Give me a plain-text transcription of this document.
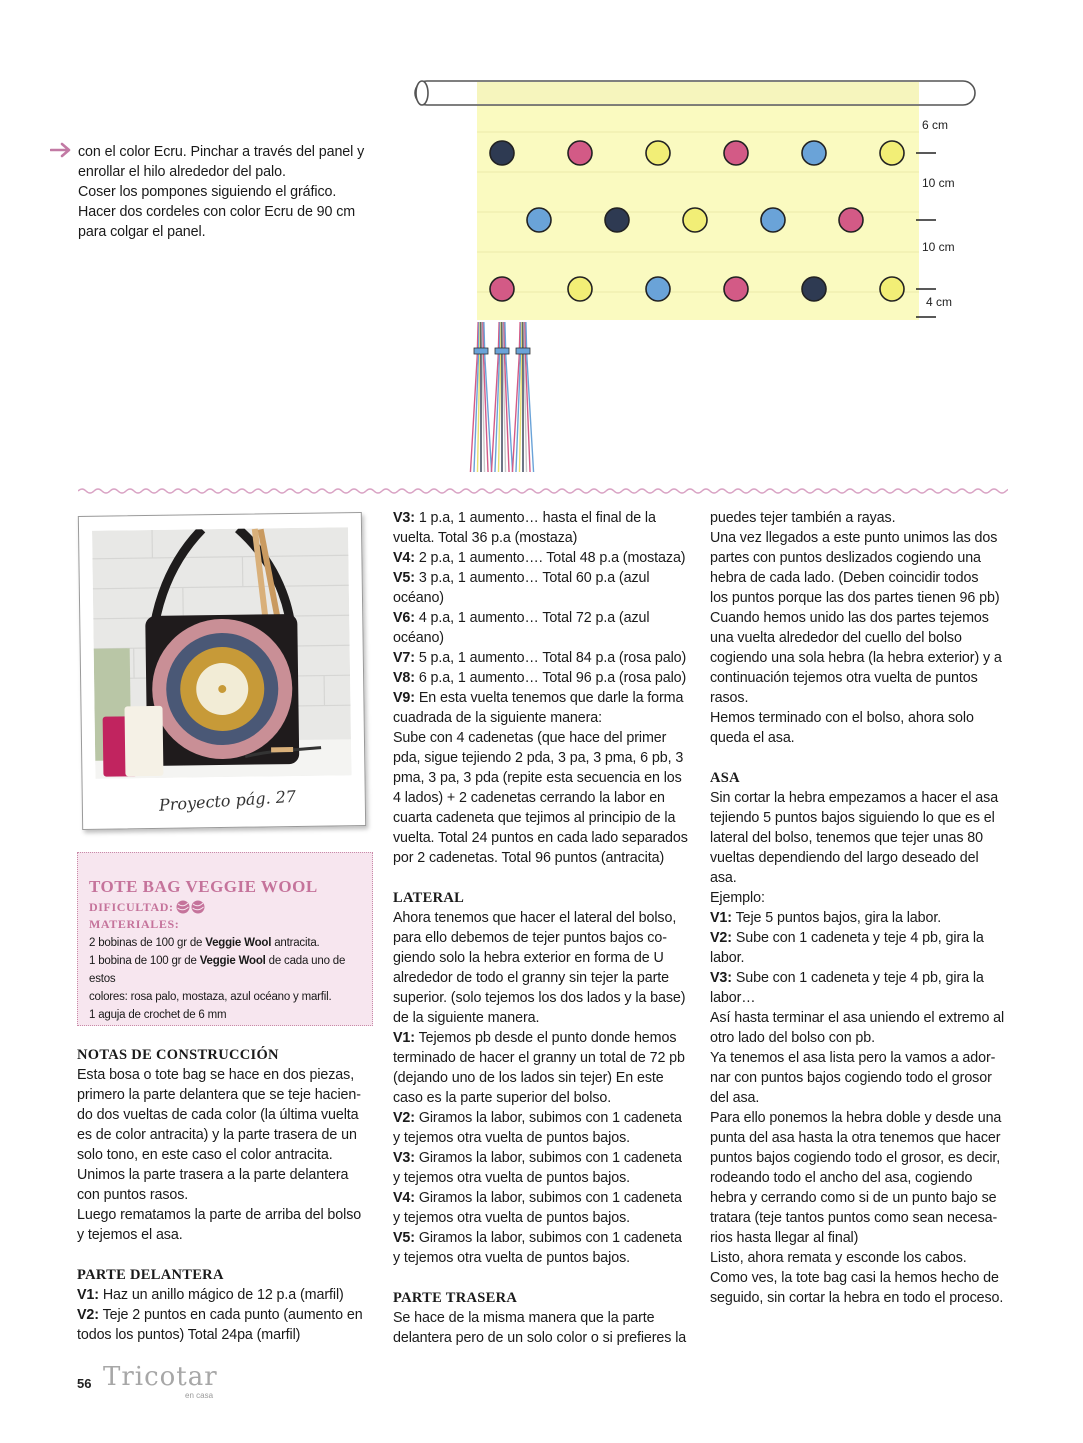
con el color Ecru. Pinchar a través del panel y
enrollar el hilo alrededor del palo.
Coser los pompones siguiendo el gráfico.
Hacer dos cordeles con color Ecru de 90 cm
para colgar el panel.
6 cm
10 cm
10 cm
4 cm
Proyecto pág. 27
TOTE BAG VEGGIE WOOL
DIFICULTAD:
MATERIALES:
2 bobinas de 100 gr de Veggie Wool antracita.
1 bobina de 100 gr de Veggie Wool de cada uno de estos
colores: rosa palo, mostaza, azul océano y marfil.
1 aguja de crochet de 6 mm
NOTAS DE CONSTRUCCIÓN
Esta bosa o tote bag se hace en dos piezas,
primero la parte delantera que se teje hacien-
do dos vueltas de cada color (la última vuelta
es de color antracita) y la parte trasera de un
solo tono, en este caso el color antracita.
Unimos la parte trasera a la parte delantera
con puntos rasos.
Luego rematamos la parte de arriba del bolso
y tejemos el asa.
PARTE DELANTERA
V1: Haz un anillo mágico de 12 p.a (marfil)
V2: Teje 2 puntos en cada punto (aumento en
todos los puntos) Total 24pa (marfil)
V3: 1 p.a, 1 aumento… hasta el final de la
vuelta. Total 36 p.a (mostaza)
V4: 2 p.a, 1 aumento…. Total 48 p.a (mostaza)
V5: 3 p.a, 1 aumento… Total 60 p.a (azul
océano)
V6: 4 p.a, 1 aumento… Total 72 p.a (azul
océano)
V7: 5 p.a, 1 aumento… Total 84 p.a (rosa palo)
V8: 6 p.a, 1 aumento… Total 96 p.a (rosa palo)
V9: En esta vuelta tenemos que darle la forma
cuadrada de la siguiente manera:
Sube con 4 cadenetas (que hace del primer
pda, sigue tejiendo 2 pda, 3 pa, 3 pma, 6 pb, 3
pma, 3 pa, 3 pda (repite esta secuencia en los
4 lados) + 2 cadenetas cerrando la labor en
cuarta cadeneta que tejimos al principio de la
vuelta. Total 24 puntos en cada lado separados
por 2 cadenetas. Total 96 puntos (antracita)
LATERAL
Ahora tenemos que hacer el lateral del bolso,
para ello debemos de tejer puntos bajos co-
giendo solo la hebra exterior en forma de U
alrededor de todo el granny sin tejer la parte
superior. (solo tejemos los dos lados y la base)
de la siguiente manera.
V1: Tejemos pb desde el punto donde hemos
terminado de hacer el granny un total de 72 pb
(dejando uno de los lados sin tejer) En este
caso es la parte superior del bolso.
V2: Giramos la labor, subimos con 1 cadeneta
y tejemos otra vuelta de puntos bajos.
V3: Giramos la labor, subimos con 1 cadeneta
y tejemos otra vuelta de puntos bajos.
V4: Giramos la labor, subimos con 1 cadeneta
y tejemos otra vuelta de puntos bajos.
V5: Giramos la labor, subimos con 1 cadeneta
y tejemos otra vuelta de puntos bajos.
PARTE TRASERA
Se hace de la misma manera que la parte
delantera pero de un solo color o si prefieres la
puedes tejer también a rayas.
Una vez llegados a este punto unimos las dos
partes con puntos deslizados cogiendo una
hebra de cada lado. (Deben coincidir todos
los puntos porque las dos partes tienen 96 pb)
Cuando hemos unido las dos partes tejemos
una vuelta alrededor del cuello del bolso
cogiendo una sola hebra (la hebra exterior) y a
continuación tejemos otra vuelta de puntos
rasos.
Hemos terminado con el bolso, ahora solo
queda el asa.
ASA
Sin cortar la hebra empezamos a hacer el asa
tejiendo 5 puntos bajos siguiendo lo que es el
lateral del bolso, tenemos que tejer unas 80
vueltas dependiendo del largo deseado del
asa.
Ejemplo:
V1: Teje 5 puntos bajos, gira la labor.
V2: Sube con 1 cadeneta y teje 4 pb, gira la
labor.
V3: Sube con 1 cadeneta y teje 4 pb, gira la
labor…
Así hasta terminar el asa uniendo el extremo al
otro lado del bolso con pb.
Ya tenemos el asa lista pero la vamos a ador-
nar con puntos bajos cogiendo todo el grosor
del asa.
Para ello ponemos la hebra doble y desde una
punta del asa hasta la otra tenemos que hacer
puntos bajos cogiendo todo el grosor, es decir,
rodeando todo el ancho del asa, cogiendo
hebra y cerrando como si de un punto bajo se
tratara (teje tantos puntos como sean necesa-
rios hasta llegar al final)
Listo, ahora remata y esconde los cabos.
Como ves, la tote bag casi la hemos hecho de
seguido, sin cortar la hebra en todo el proceso.
56 Tricotar
en casa
